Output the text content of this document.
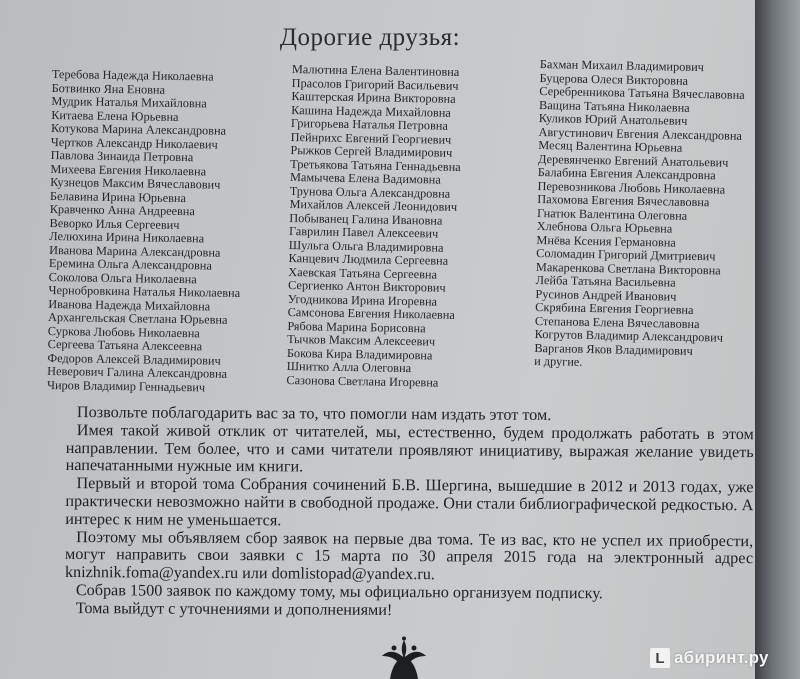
Дорогие друзья:
Теребова Надежда Николаевна
Ботвинко Яна Еновна
Мудрик Наталья Михайловна
Китаева Елена Юрьевна
Котукова Марина Александровна
Чертков Александр Николаевич
Павлова Зинаида Петровна
Михеева Евгения Николаевна
Кузнецов Максим Вячеславович
Белавина Ирина Юрьевна
Кравченко Анна Андреевна
Веворко Илья Сергеевич
Лелюхина Ирина Николаевна
Иванова Марина Александровна
Еремина Ольга Александровна
Соколова Ольга Николаевна
Чернобровкина Наталья Николаевна
Иванова Надежда Михайловна
Архангельская Светлана Юрьевна
Суркова Любовь Николаевна
Сергеева Татьяна Алексеевна
Федоров Алексей Владимирович
Неверович Галина Александровна
Чиров Владимир Геннадьевич
Малютина Елена Валентиновна
Прасолов Григорий Васильевич
Каштерская Ирина Викторовна
Кашина Надежда Михайловна
Григорьева Наталья Петровна
Пейнрихс Евгений Георгиевич
Рыжков Сергей Владимирович
Третьякова Татьяна Геннадьевна
Мамычева Елена Вадимовна
Трунова Ольга Александровна
Михайлов Алексей Леонидович
Побыванец Галина Ивановна
Гаврилин Павел Алексеевич
Шульга Ольга Владимировна
Канцевич Людмила Сергеевна
Хаевская Татьяна Сергеевна
Сергиенко Антон Викторович
Угодникова Ирина Игоревна
Самсонова Евгения Николаевна
Рябова Марина Борисовна
Тычков Максим Алексеевич
Бокова Кира Владимировна
Шнитко Алла Олеговна
Сазонова Светлана Игоревна
Бахман Михаил Владимирович
Буцерова Олеся Викторовна
Серебренникова Татьяна Вячеславовна
Ващина Татьяна Николаевна
Куликов Юрий Анатольевич
Августинович Евгения Александровна
Месяц Валентина Юрьевна
Деревянченко Евгений Анатольевич
Балабина Евгения Александровна
Перевозникова Любовь Николаевна
Пахомова Евгения Вячеславовна
Гнатюк Валентина Олеговна
Хлебнова Ольга Юрьевна
Мнёва Ксения Германовна
Соломадин Григорий Дмитриевич
Макаренкова Светлана Викторовна
Лейба Татьяна Васильевна
Русинов Андрей Иванович
Скрябина Евгения Георгиевна
Степанова Елена Вячеславовна
Когрутов Владимир Александрович
Варганов Яков Владимирович
и другие.

Позвольте поблагодарить вас за то, что помогли нам издать этот том.

Имея такой живой отклик от читателей, мы, естественно, будем продолжать работать в этом направлении. Тем более, что и сами читатели проявляют инициативу, выражая желание увидеть напечатанными нужные им книги.

Первый и второй тома Собрания сочинений Б.В. Шергина, вышедшие в 2012 и 2013 годах, уже практически невозможно найти в свободной продаже. Они стали библиографической редкостью. А интерес к ним не уменьшается.

Поэтому мы объявляем сбор заявок на первые два тома. Те из вас, кто не успел их приобрести, могут направить свои заявки с 15 марта по 30 апреля 2015 года на электронный адрес knizhnik.foma@yandex.ru или domlistopad@yandex.ru.

Собрав 1500 заявок по каждому тому, мы официально организуем подписку.

Тома выйдут с уточнениями и дополнениями!

L абиринт.ру
